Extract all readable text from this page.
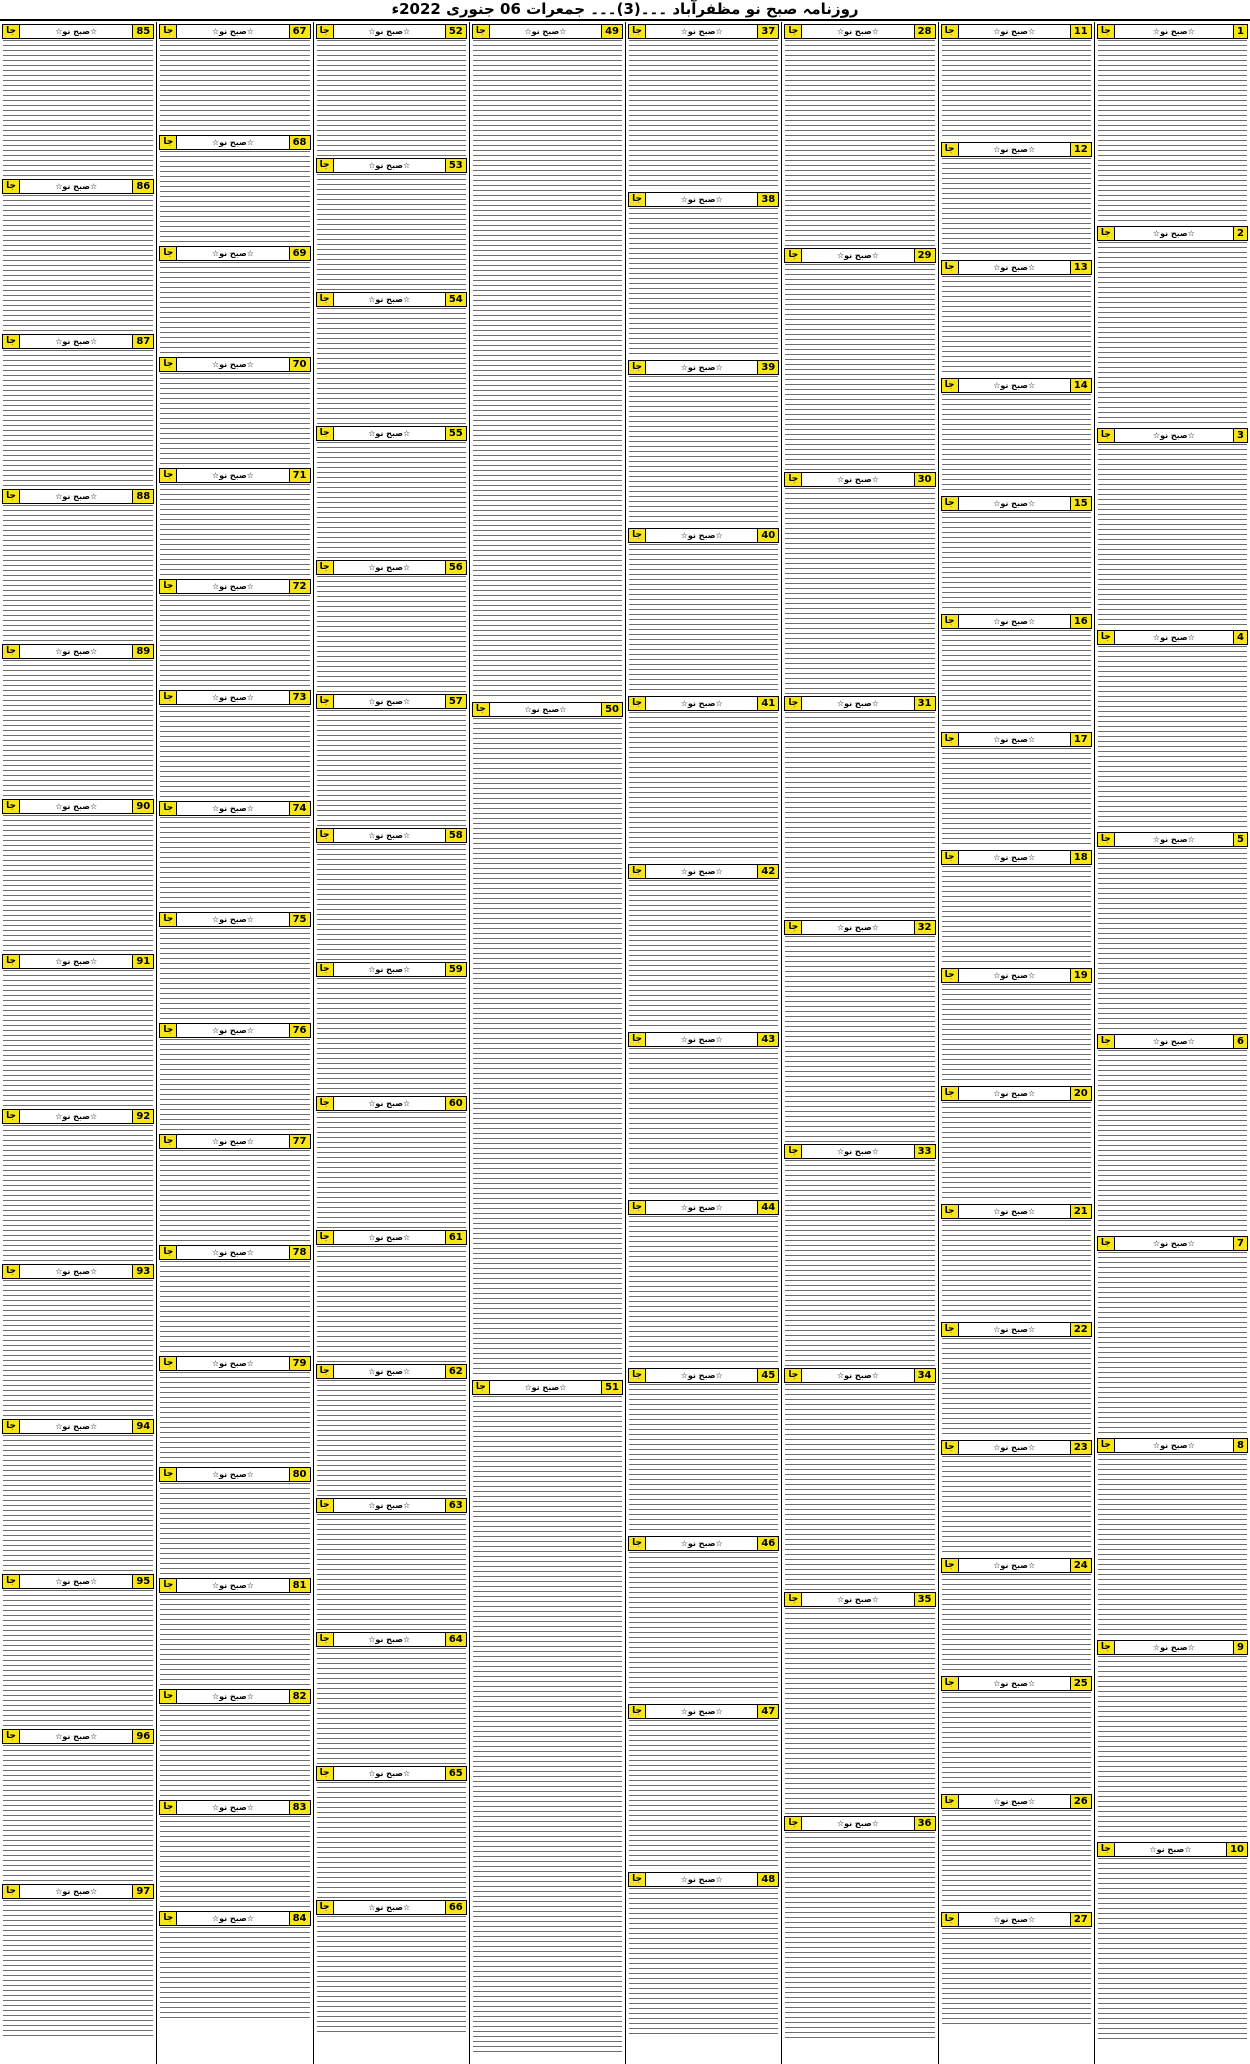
روزنامہ صبح نو مظفرآباد ۔۔۔(3)۔۔۔ جمعرات 06 جنوری 2022ء
1
☆صبح نو☆
جا
2
☆صبح نو☆
جا
3
☆صبح نو☆
جا
4
☆صبح نو☆
جا
5
☆صبح نو☆
جا
6
☆صبح نو☆
جا
7
☆صبح نو☆
جا
8
☆صبح نو☆
جا
9
☆صبح نو☆
جا
10
☆صبح نو☆
جا
11
☆صبح نو☆
جا
12
☆صبح نو☆
جا
13
☆صبح نو☆
جا
14
☆صبح نو☆
جا
15
☆صبح نو☆
جا
16
☆صبح نو☆
جا
17
☆صبح نو☆
جا
18
☆صبح نو☆
جا
19
☆صبح نو☆
جا
20
☆صبح نو☆
جا
21
☆صبح نو☆
جا
22
☆صبح نو☆
جا
23
☆صبح نو☆
جا
24
☆صبح نو☆
جا
25
☆صبح نو☆
جا
26
☆صبح نو☆
جا
27
☆صبح نو☆
جا
28
☆صبح نو☆
جا
29
☆صبح نو☆
جا
30
☆صبح نو☆
جا
31
☆صبح نو☆
جا
32
☆صبح نو☆
جا
33
☆صبح نو☆
جا
34
☆صبح نو☆
جا
35
☆صبح نو☆
جا
36
☆صبح نو☆
جا
37
☆صبح نو☆
جا
38
☆صبح نو☆
جا
39
☆صبح نو☆
جا
40
☆صبح نو☆
جا
41
☆صبح نو☆
جا
42
☆صبح نو☆
جا
43
☆صبح نو☆
جا
44
☆صبح نو☆
جا
45
☆صبح نو☆
جا
46
☆صبح نو☆
جا
47
☆صبح نو☆
جا
48
☆صبح نو☆
جا
49
☆صبح نو☆
جا
50
☆صبح نو☆
جا
51
☆صبح نو☆
جا
52
☆صبح نو☆
جا
53
☆صبح نو☆
جا
54
☆صبح نو☆
جا
55
☆صبح نو☆
جا
56
☆صبح نو☆
جا
57
☆صبح نو☆
جا
58
☆صبح نو☆
جا
59
☆صبح نو☆
جا
60
☆صبح نو☆
جا
61
☆صبح نو☆
جا
62
☆صبح نو☆
جا
63
☆صبح نو☆
جا
64
☆صبح نو☆
جا
65
☆صبح نو☆
جا
66
☆صبح نو☆
جا
67
☆صبح نو☆
جا
68
☆صبح نو☆
جا
69
☆صبح نو☆
جا
70
☆صبح نو☆
جا
71
☆صبح نو☆
جا
72
☆صبح نو☆
جا
73
☆صبح نو☆
جا
74
☆صبح نو☆
جا
75
☆صبح نو☆
جا
76
☆صبح نو☆
جا
77
☆صبح نو☆
جا
78
☆صبح نو☆
جا
79
☆صبح نو☆
جا
80
☆صبح نو☆
جا
81
☆صبح نو☆
جا
82
☆صبح نو☆
جا
83
☆صبح نو☆
جا
84
☆صبح نو☆
جا
85
☆صبح نو☆
جا
86
☆صبح نو☆
جا
87
☆صبح نو☆
جا
88
☆صبح نو☆
جا
89
☆صبح نو☆
جا
90
☆صبح نو☆
جا
91
☆صبح نو☆
جا
92
☆صبح نو☆
جا
93
☆صبح نو☆
جا
94
☆صبح نو☆
جا
95
☆صبح نو☆
جا
96
☆صبح نو☆
جا
97
☆صبح نو☆
جا
